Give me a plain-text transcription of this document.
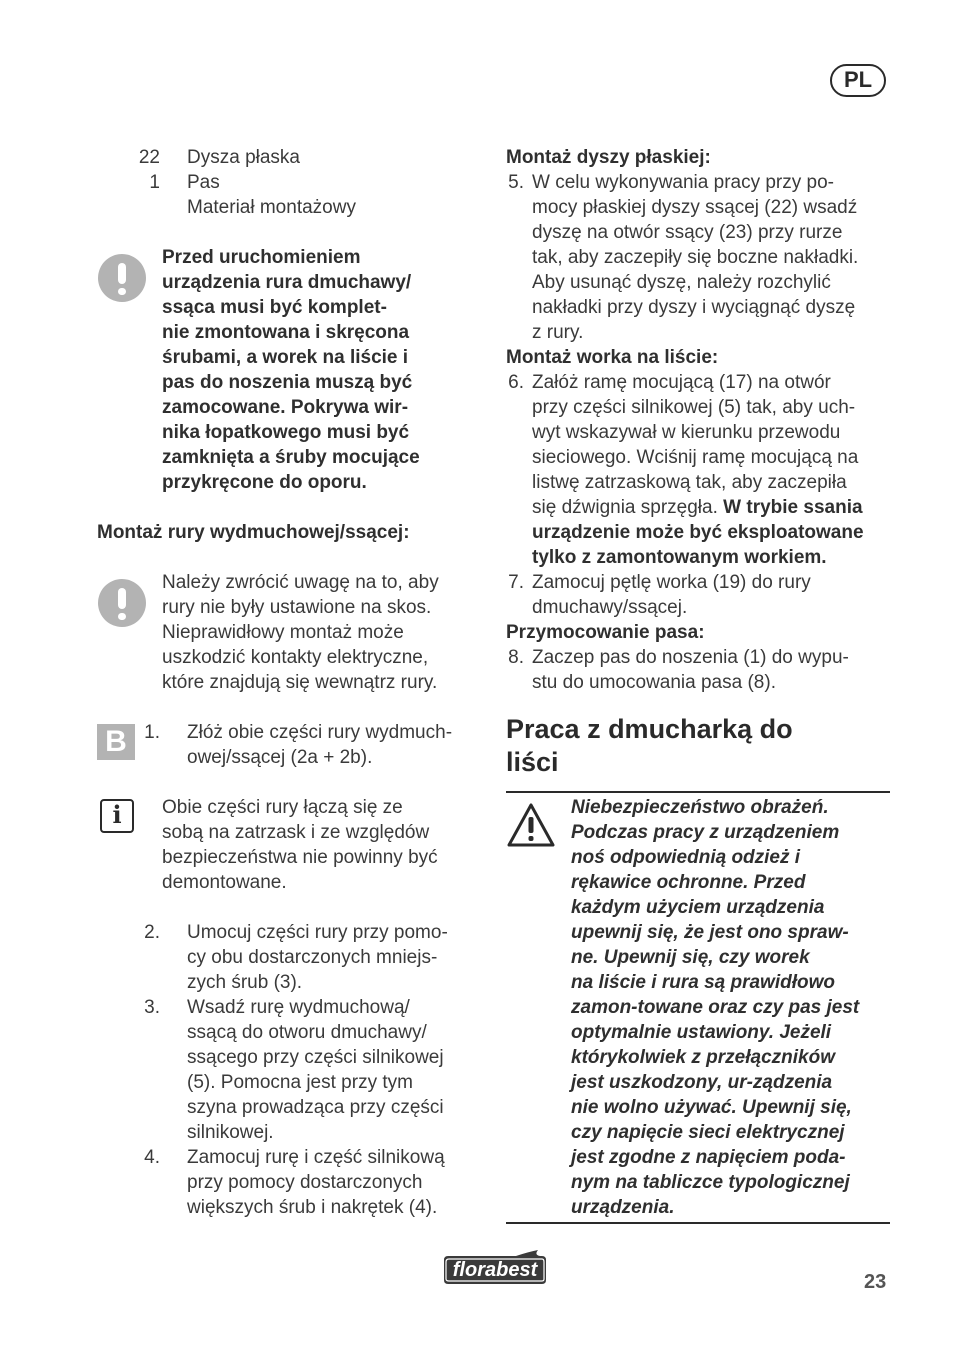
PL
22 Dysza płaska
1 Pas
Materiał montażowy
Przed uruchomieniem
urządzenia rura dmuchawy/
ssąca musi być komplet-
nie zmontowana i skręcona
śrubami, a worek na liście i
pas do noszenia muszą być
zamocowane. Pokrywa wir-
nika łopatkowego musi być
zamknięta a śruby mocujące
przykręcone do oporu.
Montaż rury wydmuchowej/ssącej:
Należy zwrócić uwagę na to, aby
rury nie były ustawione na skos.
Nieprawidłowy montaż może
uszkodzić kontakty elektryczne,
które znajdują się wewnątrz rury.
B 1. Złóż obie części rury wydmuch-
owej/ssącej (2a + 2b).
i	Obie części rury łączą się ze
sobą na zatrzask i ze względów
bezpieczeństwa nie powinny być
demontowane.
2. Umocuj części rury przy pomo-
cy obu dostarczonych mniejs-
zych śrub (3).
3. Wsadź rurę wydmuchową/
ssącą do otworu dmuchawy/
ssącego przy części silnikowej
(5). Pomocna jest przy tym
szyna prowadząca przy części
silnikowej.
4. Zamocuj rurę i część silnikową
przy pomocy dostarczonych
większych śrub i nakrętek (4).
Montaż dyszy płaskiej:
5. W celu wykonywania pracy przy po-
mocy płaskiej dyszy ssącej (22) wsadź
dyszę na otwór ssący (23) przy rurze
tak, aby zaczepiły się boczne nakładki.
Aby usunąć dyszę, należy rozchylić
nakładki przy dyszy i wyciągnąć dyszę
z rury.
Montaż worka na liście:
6. Załóż ramę mocującą (17) na otwór
przy części silnikowej (5) tak, aby uch-
wyt wskazywał w kierunku przewodu
sieciowego. Wciśnij ramę mocującą na
listwę zatrzaskową tak, aby zaczepiła
się dźwignia sprzęgła. W trybie ssania
urządzenie może być eksploatowane
tylko z zamontowanym workiem.
7. Zamocuj pętlę worka (19) do rury
dmuchawy/ssącej.
Przymocowanie pasa:
8. Zaczep pas do noszenia (1) do wypu-
stu do umocowania pasa (8).
Praca z dmucharką do
liści
Niebezpieczeństwo obrażeń.
Podczas pracy z urządzeniem
noś odpowiednią odzież i
rękawice ochronne. Przed
każdym użyciem urządzenia
upewnij się, że jest ono spraw-
ne. Upewnij się, czy worek
na liście i rura są prawidłowo
zamon-towane oraz czy pas jest
optymalnie ustawiony. Jeżeli
którykolwiek z przełączników
jest uszkodzony, ur-ządzenia
nie wolno używać. Upewnij się,
czy napięcie sieci elektrycznej
jest zgodne z napięciem poda-
nym na tabliczce typologicznej
urządzenia.
florabest
23
